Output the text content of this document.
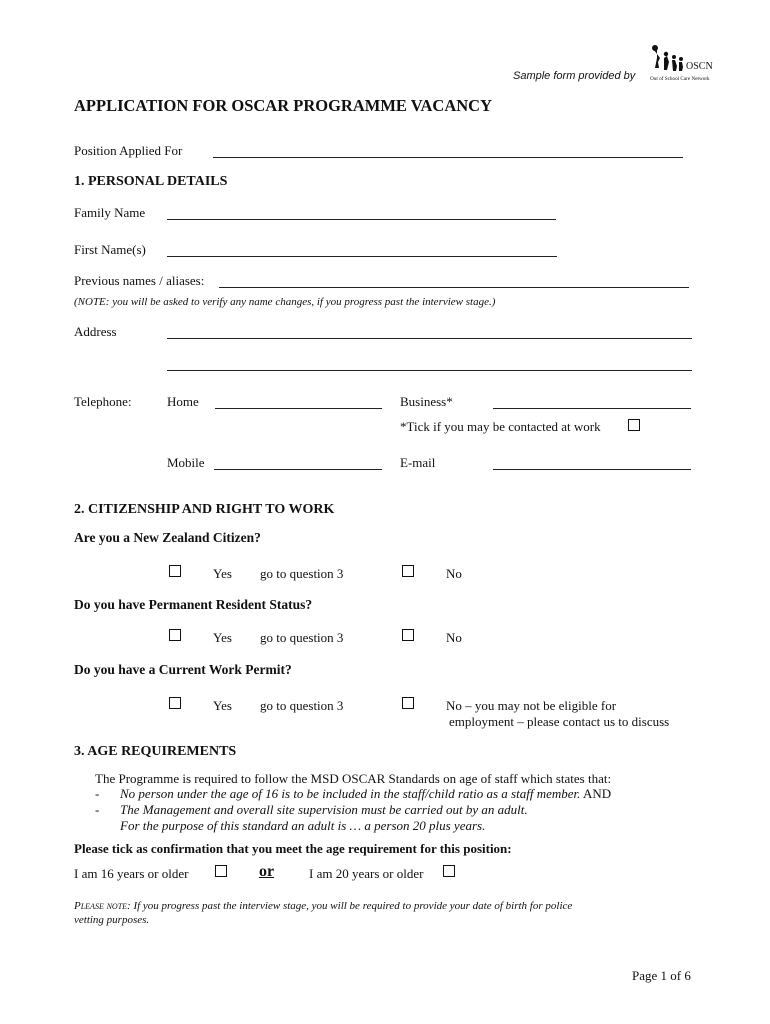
Sample form provided by
OSCN
Out of School Care Network
APPLICATION FOR OSCAR PROGRAMME VACANCY
Position Applied For
1. PERSONAL DETAILS
Family Name
First Name(s)
Previous names / aliases:
(NOTE: you will be asked to verify any name changes, if you progress past the interview stage.)
Address
Telephone:	Home	Business*
*Tick if you may be contacted at work
Mobile	E-mail
2. CITIZENSHIP AND RIGHT TO WORK
Are you a New Zealand Citizen?
Yes go to question 3	No
Do you have Permanent Resident Status?
Yes go to question 3	No
Do you have a Current Work Permit?
Yes go to question 3	No – you may not be eligible for
employment – please contact us to discuss
3. AGE REQUIREMENTS
The Programme is required to follow the MSD OSCAR Standards on age of staff which states that:
- No person under the age of 16 is to be included in the staff/child ratio as a staff member. AND
- The Management and overall site supervision must be carried out by an adult.
For the purpose of this standard an adult is … a person 20 plus years.
Please tick as confirmation that you meet the age requirement for this position:
I am 16 years or older	or	I am 20 years or older
Please note: If you progress past the interview stage, you will be required to provide your date of birth for police
vetting purposes.
Page 1 of 6
